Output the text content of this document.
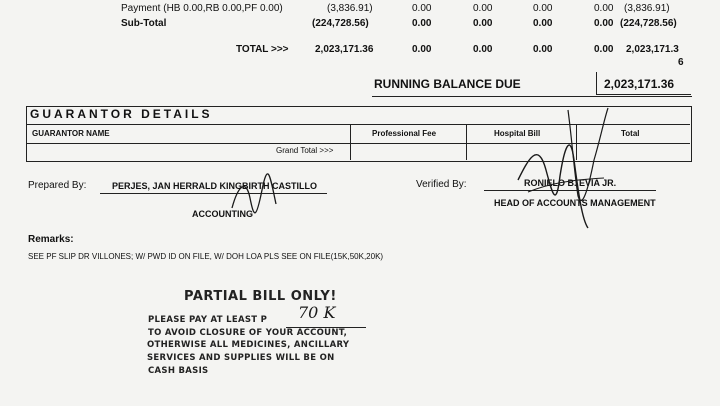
Payment (HB 0.00,RB 0.00,PF 0.00)	(3,836.91)	0.00	0.00	0.00	0.00 (3,836.91)
Sub-Total	(224,728.56)	0.00	0.00	0.00	0.00 (224,728.56)
TOTAL >>>	2,023,171.36	0.00	0.00	0.00	0.00 2,023,171.3
6
RUNNING BALANCE DUE	2,023,171.36
GUARANTOR DETAILS
GUARANTOR NAME	Professional Fee	Hospital Bill	Total
Grand Total >>>
Prepared By:	PERJES, JAN HERRALD KINGBIRTH CASTILLO
ACCOUNTING
Verified By:	RONIELO B. EVIA JR.
HEAD OF ACCOUNTS MANAGEMENT
Remarks:
SEE PF SLIP DR VILLONES; W/ PWD ID ON FILE, W/ DOH LOA PLS SEE ON FILE(15K,50K,20K)
PARTIAL BILL ONLY!
PLEASE PAY AT LEAST P 70 K
TO AVOID CLOSURE OF YOUR ACCOUNT,
OTHERWISE ALL MEDICINES, ANCILLARY
SERVICES AND SUPPLIES WILL BE ON
CASH BASIS
